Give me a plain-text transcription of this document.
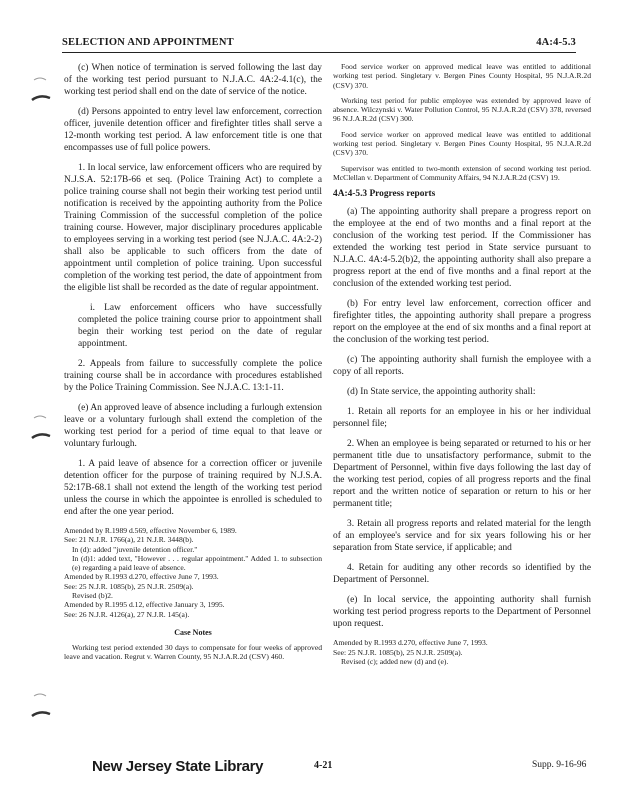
SELECTION AND APPOINTMENT	4A:4-5.3

(c) When notice of termination is served following the last day of the working test period pursuant to N.J.A.C. 4A:2-4.1(c), the working test period shall end on the date of service of the notice.

(d) Persons appointed to entry level law enforcement, correction officer, juvenile detention officer and firefighter titles shall serve a 12-month working test period. A law enforcement title is one that encompasses use of full police powers.

1. In local service, law enforcement officers who are required by N.J.S.A. 52:17B-66 et seq. (Police Training Act) to complete a police training course shall not begin their working test period until notification is received by the appointing authority from the Police Training Commission of the successful completion of the police training course. However, major disciplinary procedures applicable to employees serving in a working test period (see N.J.A.C. 4A:2-2) shall also be applicable to such officers from the date of appointment until completion of police training. Upon successful completion of the working test period, the date of appointment from the eligible list shall be recorded as the date of regular appointment.

i. Law enforcement officers who have successfully completed the police training course prior to appointment shall begin their working test period on the date of regular appointment.

2. Appeals from failure to successfully complete the police training course shall be in accordance with procedures established by the Police Training Commission. See N.J.A.C. 13:1-11.

(e) An approved leave of absence including a furlough extension leave or a voluntary furlough shall extend the completion of the working test period for a period of time equal to that leave or voluntary furlough.

1. A paid leave of absence for a correction officer or juvenile detention officer for the purpose of training required by N.J.S.A. 52:17B-68.1 shall not extend the length of the working test period unless the course in which the appointee is enrolled is scheduled to end after the one year period.

Amended by R.1989 d.569, effective November 6, 1989.
See: 21 N.J.R. 1766(a), 21 N.J.R. 3448(b).
In (d): added "juvenile detention officer."
In (d)1: added text, "However . . . regular appointment." Added 1. to subsection (e) regarding a paid leave of absence.
Amended by R.1993 d.270, effective June 7, 1993.
See: 25 N.J.R. 1085(b), 25 N.J.R. 2509(a).
Revised (b)2.
Amended by R.1995 d.12, effective January 3, 1995.
See: 26 N.J.R. 4126(a), 27 N.J.R. 145(a).
Case Notes

Working test period extended 30 days to compensate for four weeks of approved leave and vacation. Regrut v. Warren County, 95 N.J.A.R.2d (CSV) 460.

Food service worker on approved medical leave was entitled to additional working test period. Singletary v. Bergen Pines County Hospital, 95 N.J.A.R.2d (CSV) 370.

Working test period for public employee was extended by approved leave of absence. Wilczynski v. Water Pollution Control, 95 N.J.A.R.2d (CSV) 378, reversed 96 N.J.A.R.2d (CSV) 300.

Food service worker on approved medical leave was entitled to additional working test period. Singletary v. Bergen Pines County Hospital, 95 N.J.A.R.2d (CSV) 370.

Supervisor was entitled to two-month extension of second working test period. McClellan v. Department of Community Affairs, 94 N.J.A.R.2d (CSV) 19.

4A:4-5.3 Progress reports

(a) The appointing authority shall prepare a progress report on the employee at the end of two months and a final report at the conclusion of the working test period. If the Commissioner has extended the working test period in State service pursuant to N.J.A.C. 4A:4-5.2(b)2, the appointing authority shall also prepare a progress report at the end of five months and a final report at the conclusion of the extended working test period.

(b) For entry level law enforcement, correction officer and firefighter titles, the appointing authority shall prepare a progress report on the employee at the end of six months and a final report at the conclusion of the working test period.

(c) The appointing authority shall furnish the employee with a copy of all reports.

(d) In State service, the appointing authority shall:

1. Retain all reports for an employee in his or her individual personnel file;

2. When an employee is being separated or returned to his or her permanent title due to unsatisfactory performance, submit to the Department of Personnel, within five days following the last day of the working test period, copies of all progress reports and the final report and the written notice of separation or return to his or her permanent title;

3. Retain all progress reports and related material for the length of an employee's service and for six years following his or her separation from State service, if applicable; and

4. Retain for auditing any other records so identified by the Department of Personnel.

(e) In local service, the appointing authority shall furnish working test period progress reports to the Department of Personnel upon request.

Amended by R.1993 d.270, effective June 7, 1993.
See: 25 N.J.R. 1085(b), 25 N.J.R. 2509(a).
Revised (c); added new (d) and (e).
New Jersey State Library	4-21	Supp. 9-16-96
